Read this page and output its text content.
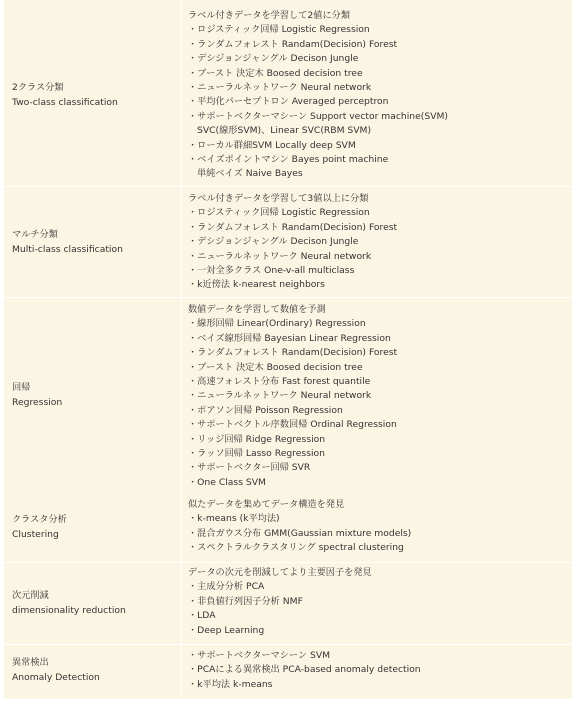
2クラス分類
Two-class classification
ラベル付きデータを学習して2値に分類
・ロジスティック回帰 Logistic Regression
・ランダムフォレスト Randam(Decision) Forest
・デシジョンジャングル Decison Jungle
・ブースト 決定木 Boosed decision tree
・ニューラルネットワーク Neural network
・平均化パーセプトロン Averaged perceptron
・サポートベクターマシーン Support vector machine(SVM)
SVC(線形SVM)、Linear SVC(RBM SVM)
・ローカル群細SVM Locally deep SVM
・ベイズポイントマシン Bayes point machine
単純ベイズ Naive Bayes
マルチ分類
Multi-class classification
ラベル付きデータを学習して3値以上に分類
・ロジスティック回帰 Logistic Regression
・ランダムフォレスト Randam(Decision) Forest
・デシジョンジャングル Decison Jungle
・ニューラルネットワーク Neural network
・一対全多クラス One-v-all multiclass
・k近傍法 k-nearest neighbors
回帰
Regression
数値データを学習して数値を予測
・線形回帰 Linear(Ordinary) Regression
・ベイズ線形回帰 Bayesian Linear Regression
・ランダムフォレスト Randam(Decision) Forest
・ブースト 決定木 Boosed decision tree
・高速フォレスト分布 Fast forest quantile
・ニューラルネットワーク Neural network
・ポアソン回帰 Poisson Regression
・サポートベクトル序数回帰 Ordinal Regression
・リッジ回帰 Ridge Regression
・ラッソ回帰 Lasso Regression
・サポートベクター回帰 SVR
・One Class SVM
クラスタ分析
Clustering
似たデータを集めてデータ構造を発見
・k-means (k平均法)
・混合ガウス分布 GMM(Gaussian mixture models)
・スペクトラルクラスタリング spectral clustering
次元削減
dimensionality reduction
データの次元を削減してより主要因子を発見
・主成分分析 PCA
・非負値行列因子分析 NMF
・LDA
・Deep Learning
異常検出
Anomaly Detection
・サポートベクターマシーン SVM
・PCAによる異常検出 PCA-based anomaly detection
・k平均法 k-means
